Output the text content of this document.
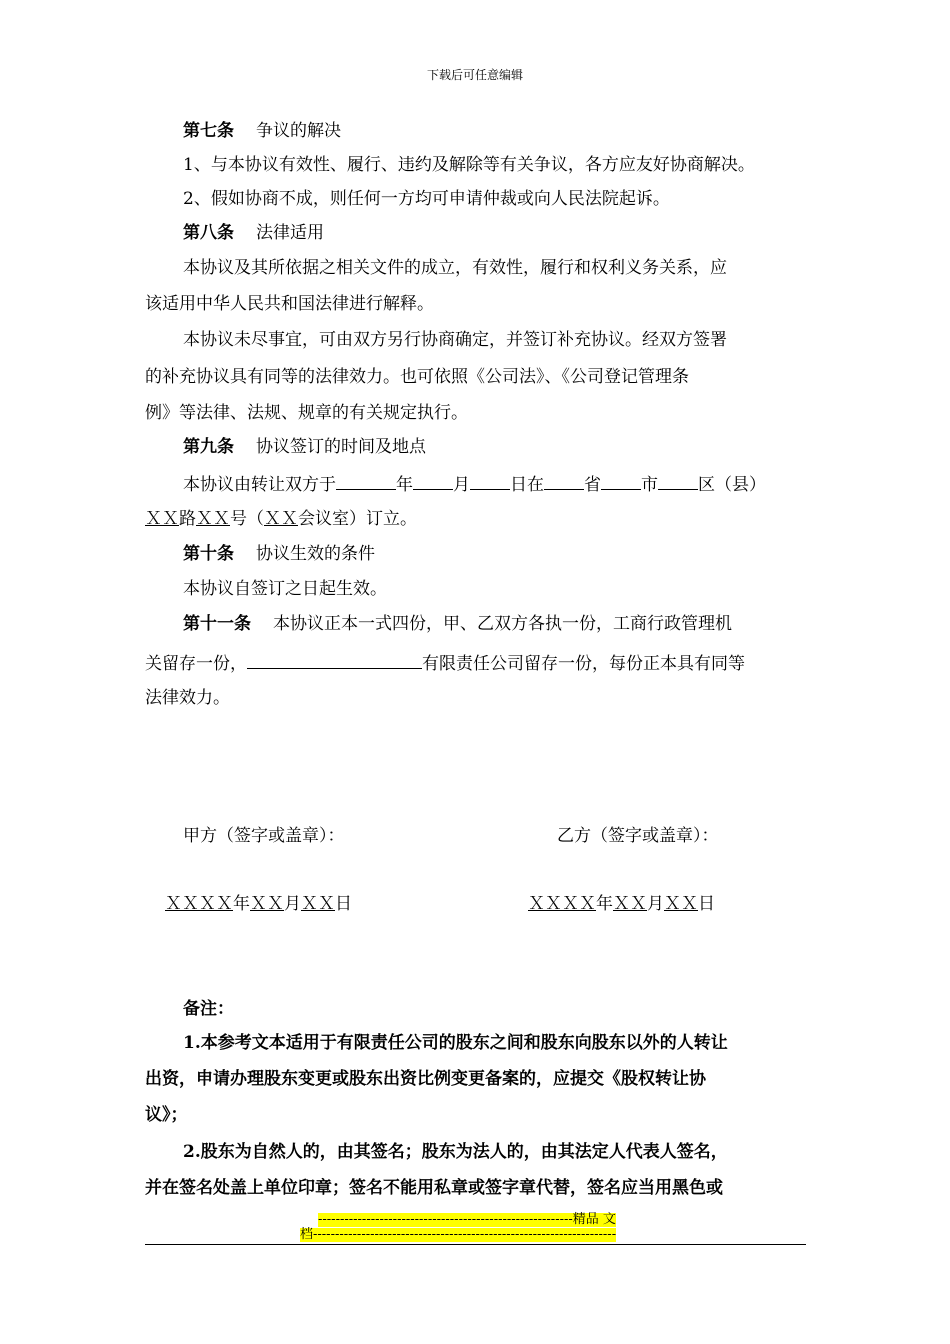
下载后可任意编辑
第七条 争议的解决
1、与本协议有效性、履行、违约及解除等有关争议，各方应友好协商解决。
2、假如协商不成，则任何一方均可申请仲裁或向人民法院起诉。
第八条 法律适用
本协议及其所依据之相关文件的成立，有效性，履行和权利义务关系，应
该适用中华人民共和国法律进行解释。
本协议未尽事宜，可由双方另行协商确定，并签订补充协议。经双方签署
的补充协议具有同等的法律效力。也可依照《公司法》、《公司登记管理条
例》等法律、法规、规章的有关规定执行。
第九条 协议签订的时间及地点
本协议由转让双方于	年 月 日在 省 市 区（县）
ＸＸ路ＸＸ号（ＸＸ会议室）订立。
第十条 协议生效的条件
本协议自签订之日起生效。
第十一条 本协议正本一式四份，甲、乙双方各执一份，工商行政管理机
关留存一份，	有限责任公司留存一份，每份正本具有同等
法律效力。
甲方（签字或盖章）：	乙方（签字或盖章）：
ＸＸＸＸ年ＸＸ月ＸＸ日	ＸＸＸＸ年ＸＸ月ＸＸ日
备注：
1.本参考文本适用于有限责任公司的股东之间和股东向股东以外的人转让
出资，申请办理股东变更或股东出资比例变更备案的，应提交《股权转让协
议》；
2.股东为自然人的，由其签名；股东为法人的，由其法定人代表人签名，
并在签名处盖上单位印章；签名不能用私章或签字章代替，签名应当用黑色或
----------------------------------------------------------精品 文
档---------------------------------------------------------------------
